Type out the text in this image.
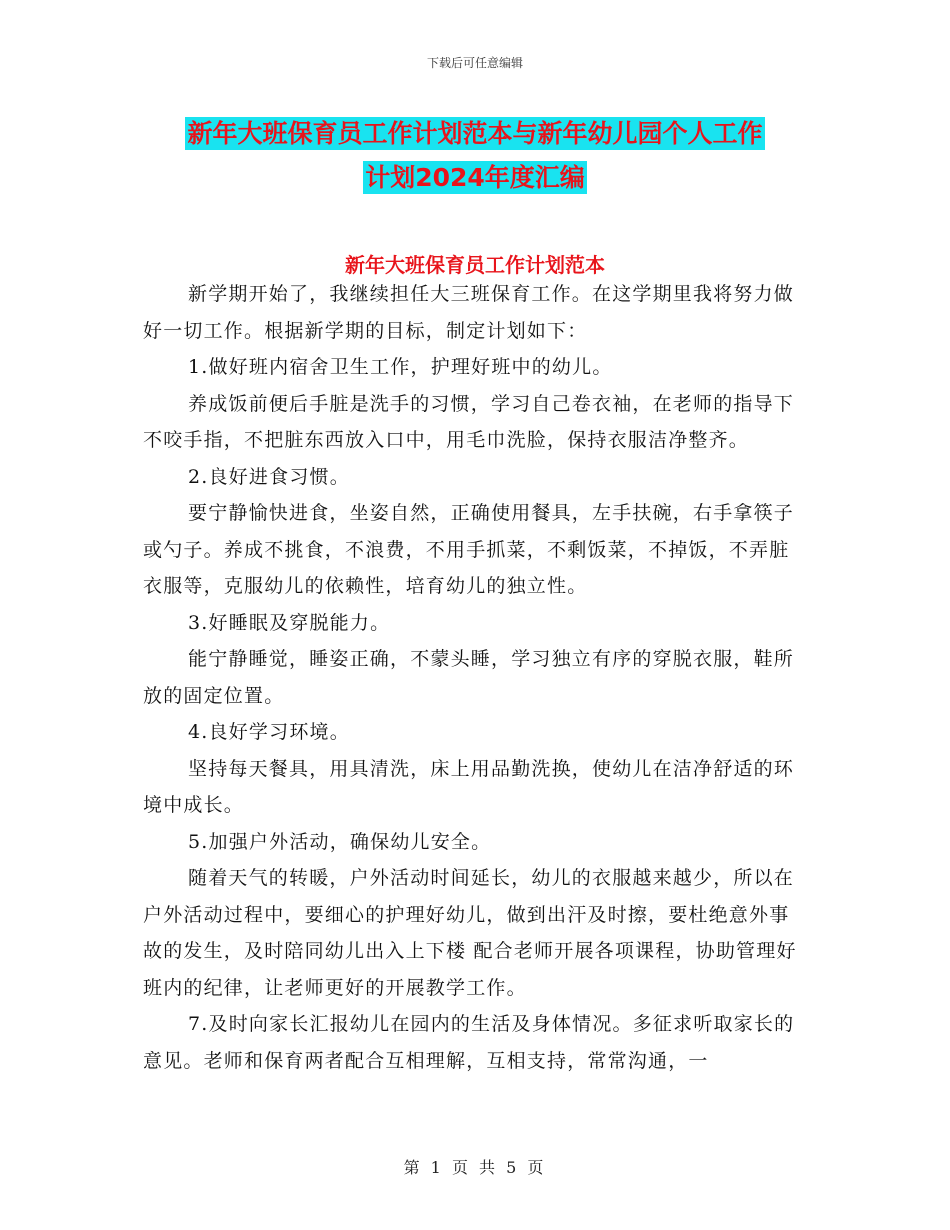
下载后可任意编辑
新年大班保育员工作计划范本与新年幼儿园个人工作
计划2024年度汇编
新年大班保育员工作计划范本

新学期开始了，我继续担任大三班保育工作。在这学期里我将努力做好一切工作。根据新学期的目标，制定计划如下：

1.做好班内宿舍卫生工作，护理好班中的幼儿。

养成饭前便后手脏是洗手的习惯，学习自己卷衣袖，在老师的指导下不咬手指，不把脏东西放入口中，用毛巾洗脸，保持衣服洁净整齐。

2.良好进食习惯。

要宁静愉快进食，坐姿自然，正确使用餐具，左手扶碗，右手拿筷子或勺子。养成不挑食，不浪费，不用手抓菜，不剩饭菜，不掉饭，不弄脏衣服等，克服幼儿的依赖性，培育幼儿的独立性。

3.好睡眠及穿脱能力。

能宁静睡觉，睡姿正确，不蒙头睡，学习独立有序的穿脱衣服，鞋所放的固定位置。

4.良好学习环境。

坚持每天餐具，用具清洗，床上用品勤洗换，使幼儿在洁净舒适的环境中成长。

5.加强户外活动，确保幼儿安全。

随着天气的转暖，户外活动时间延长，幼儿的衣服越来越少，所以在户外活动过程中，要细心的护理好幼儿，做到出汗及时擦，要杜绝意外事故的发生，及时陪同幼儿出入上下楼 配合老师开展各项课程，协助管理好班内的纪律，让老师更好的开展教学工作。

7.及时向家长汇报幼儿在园内的生活及身体情况。多征求听取家长的意见。老师和保育两者配合互相理解，互相支持，常常沟通，一

第 1 页 共 5 页
